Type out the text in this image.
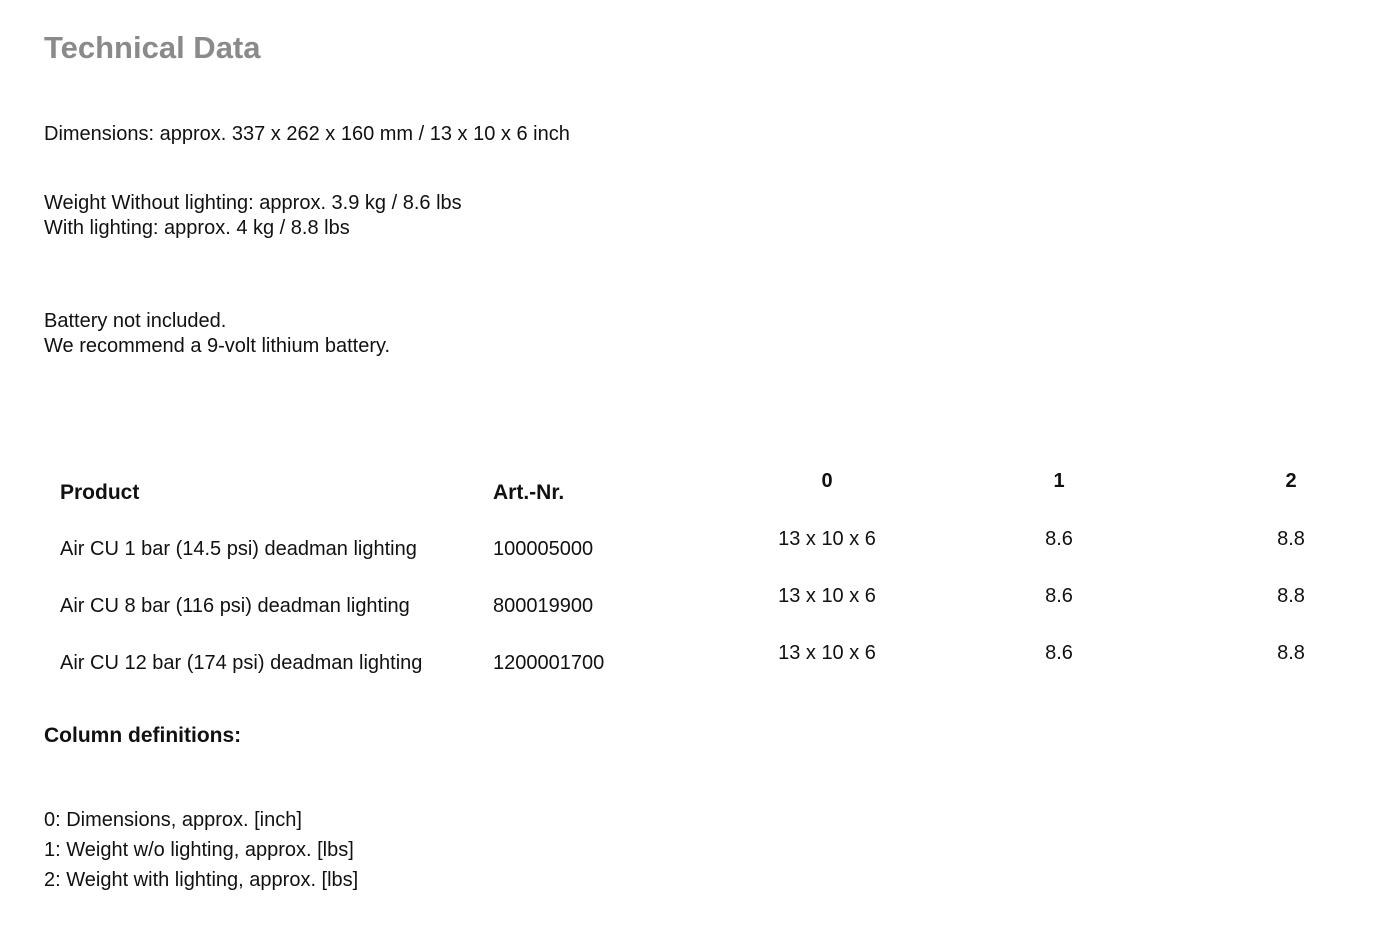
Technical Data
Dimensions: approx. 337 x 262 x 160 mm / 13 x 10 x 6 inch
Weight Without lighting: approx. 3.9 kg / 8.6 lbs
With lighting: approx. 4 kg / 8.8 lbs
Battery not included.
We recommend a 9-volt lithium battery.
Product	Art.-Nr.	0	1	2
Air CU 1 bar (14.5 psi) deadman lighting	100005000	13 x 10 x 6	8.6	8.8
Air CU 8 bar (116 psi) deadman lighting	800019900	13 x 10 x 6	8.6	8.8
Air CU 12 bar (174 psi) deadman lighting	1200001700	13 x 10 x 6	8.6	8.8
Column definitions:
0: Dimensions, approx. [inch]
1: Weight w/o lighting, approx. [lbs]
2: Weight with lighting, approx. [lbs]
